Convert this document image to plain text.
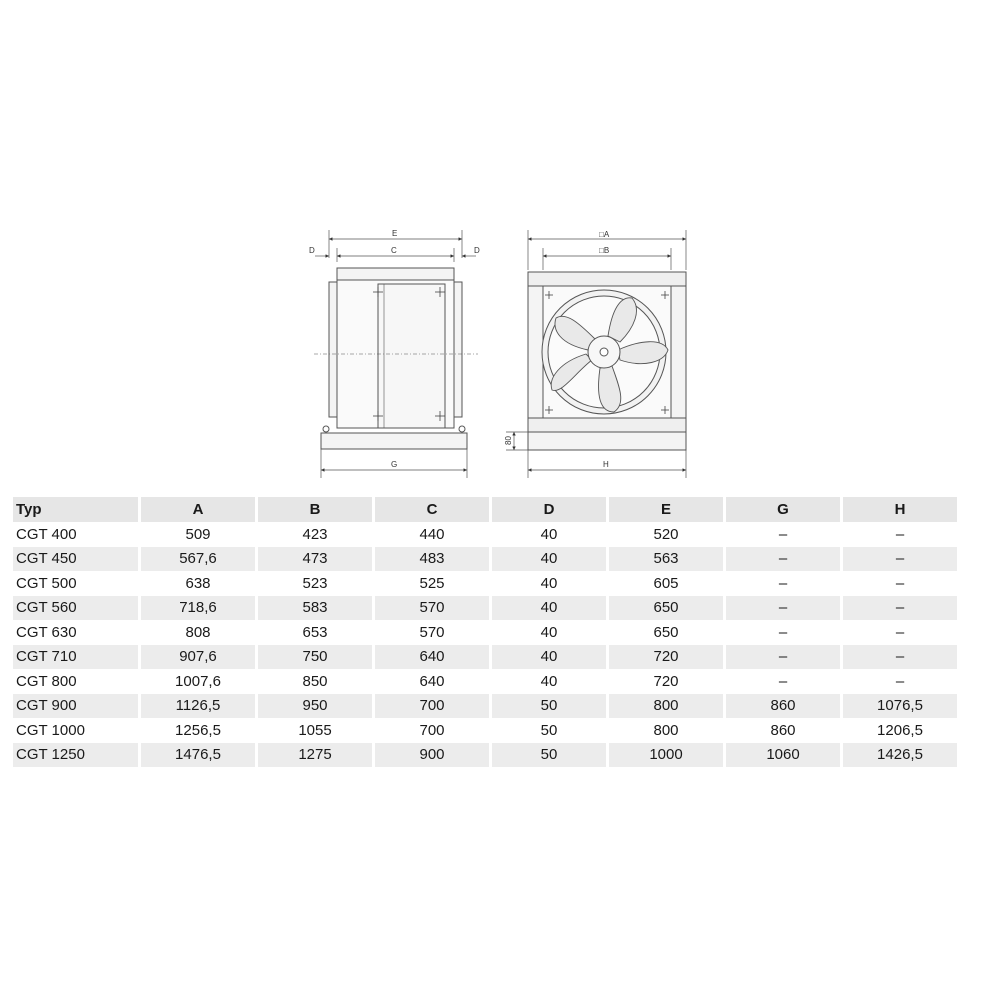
E
C
D	D
G
□A
□B
H
80
Typ	A	B	C	D	E	G	H
CGT 400	509	423	440	40	520	–	–
CGT 450	567,6	473	483	40	563	–	–
CGT 500	638	523	525	40	605	–	–
CGT 560	718,6	583	570	40	650	–	–
CGT 630	808	653	570	40	650	–	–
CGT 710	907,6	750	640	40	720	–	–
CGT 800	1007,6	850	640	40	720	–	–
CGT 900	1126,5	950	700	50	800	860	1076,5
CGT 1000	1256,5	1055	700	50	800	860	1206,5
CGT 1250	1476,5	1275	900	50	1000	1060	1426,5
